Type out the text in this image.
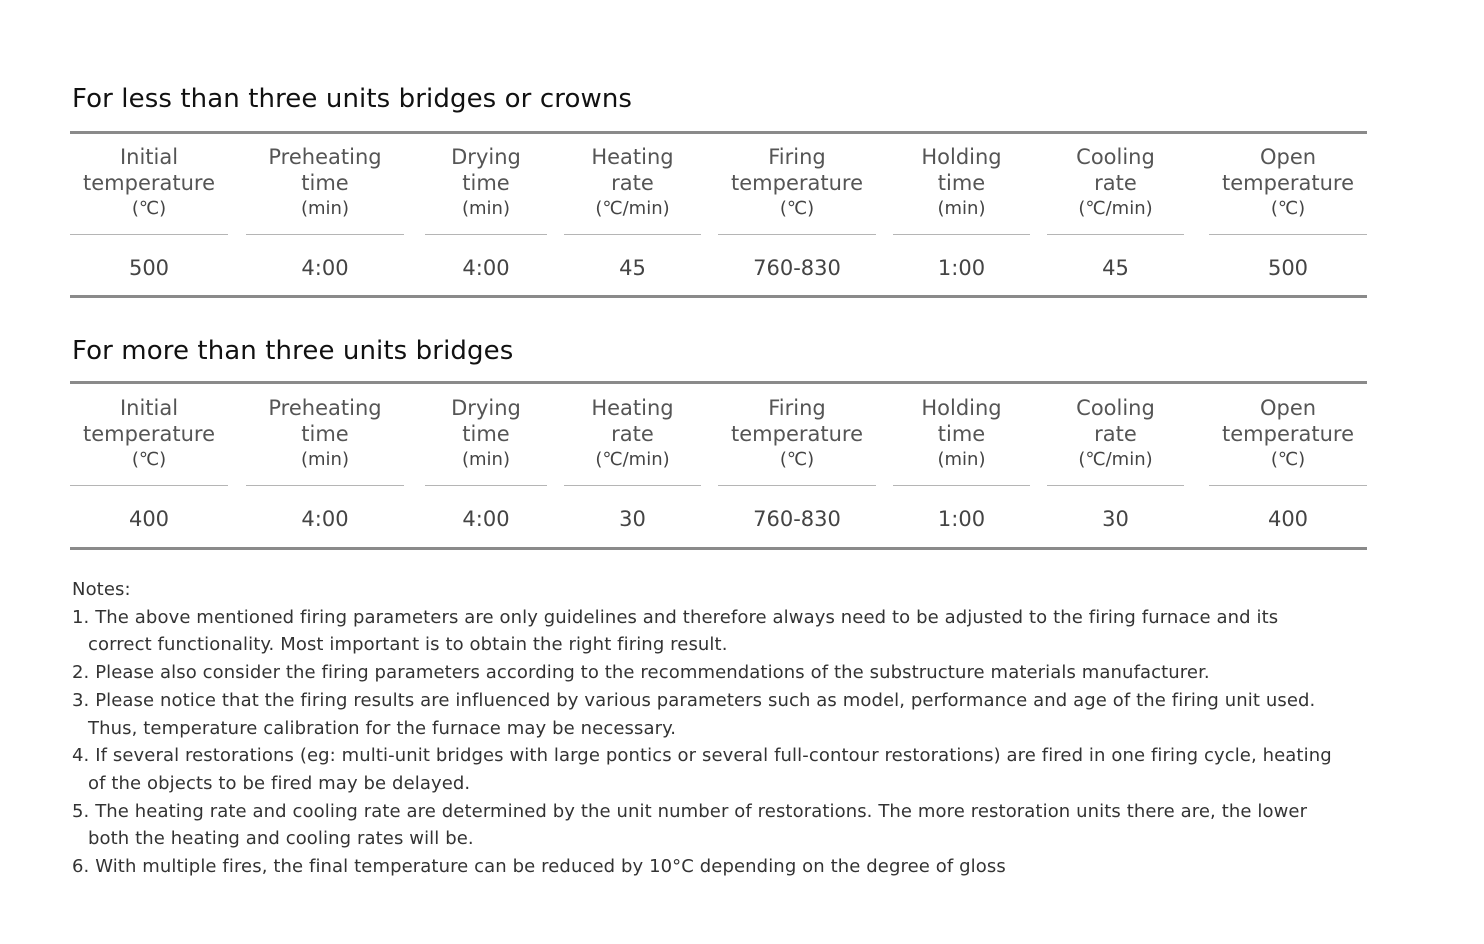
For less than three units bridges or crowns
Initial
temperature
(℃)
500
Preheating
time
(min)
4:00
Drying
time
(min)
4:00
Heating
rate
(℃/min)
45
Firing
temperature
(℃)
760-830
Holding
time
(min)
1:00
Cooling
rate
(℃/min)
45
Open
temperature
(℃)
500
For more than three units bridges
Initial
temperature
(℃)
400
Preheating
time
(min)
4:00
Drying
time
(min)
4:00
Heating
rate
(℃/min)
30
Firing
temperature
(℃)
760-830
Holding
time
(min)
1:00
Cooling
rate
(℃/min)
30
Open
temperature
(℃)
400
Notes:
1. The above mentioned firing parameters are only guidelines and therefore always need to be adjusted to the firing furnace and its
correct functionality. Most important is to obtain the right firing result.
2. Please also consider the firing parameters according to the recommendations of the substructure materials manufacturer.
3. Please notice that the firing results are influenced by various parameters such as model, performance and age of the firing unit used.
Thus, temperature calibration for the furnace may be necessary.
4. If several restorations (eg: multi-unit bridges with large pontics or several full-contour restorations) are fired in one firing cycle, heating
of the objects to be fired may be delayed.
5. The heating rate and cooling rate are determined by the unit number of restorations. The more restoration units there are, the lower
both the heating and cooling rates will be.
6. With multiple fires, the final temperature can be reduced by 10°C depending on the degree of gloss
